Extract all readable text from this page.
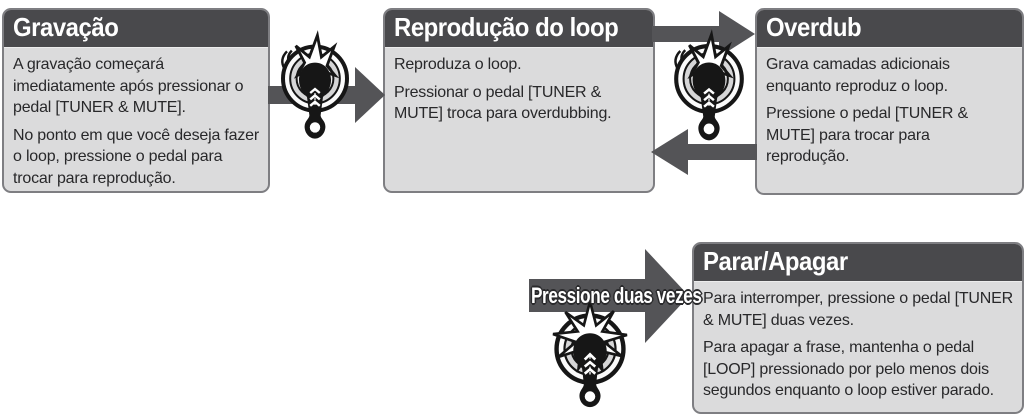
Pressione duas vezes
Gravação

A gravação começará imediatamente após pressionar o pedal [TUNER & MUTE].

No ponto em que você deseja fazer o loop, pressione o pedal para trocar para reprodução.

Reprodução do loop

Reproduza o loop.

Pressionar o pedal [TUNER & MUTE] troca para overdubbing.

Overdub

Grava camadas adicionais enquanto reproduz o loop.

Pressione o pedal [TUNER & MUTE] para trocar para reprodução.

Parar/Apagar

Para interromper, pressione o pedal [TUNER & MUTE] duas vezes.

Para apagar a frase, mantenha o pedal [LOOP] pressionado por pelo menos dois segundos enquanto o loop estiver parado.
